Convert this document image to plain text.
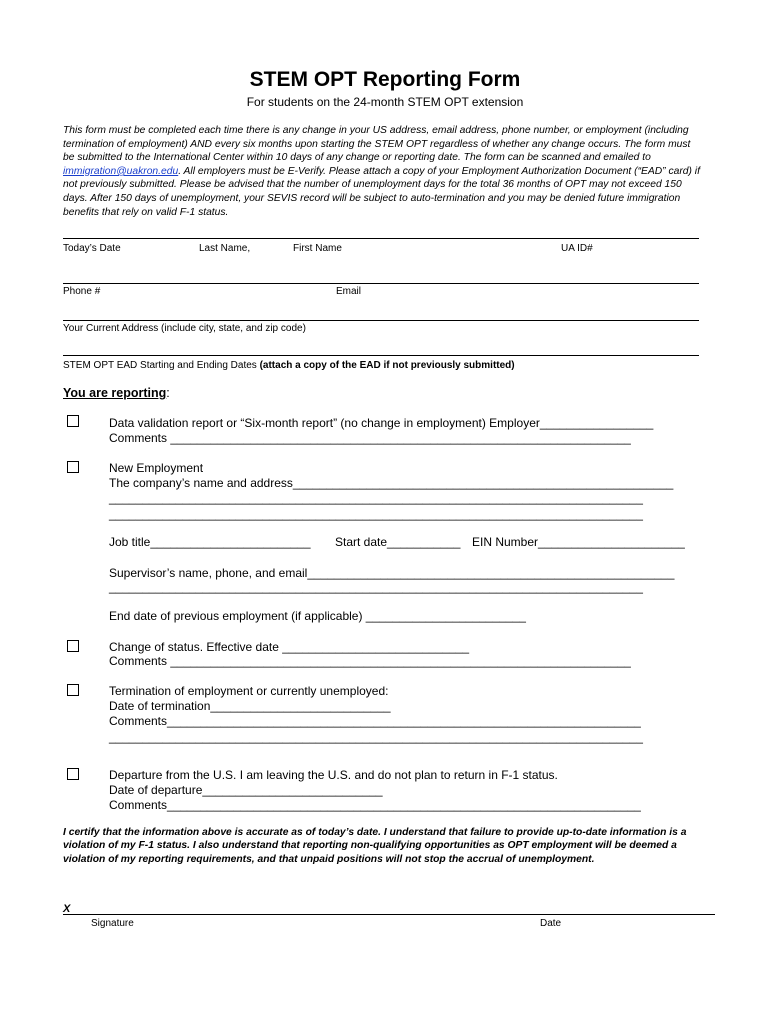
STEM OPT Reporting Form
For students on the 24-month STEM OPT extension
This form must be completed each time there is any change in your US address, email address, phone number, or employment (including termination of employment) AND every six months upon starting the STEM OPT regardless of whether any change occurs. The form must be submitted to the International Center within 10 days of any change or reporting date. The form can be scanned and emailed to immigration@uakron.edu. All employers must be E-Verify. Please attach a copy of your Employment Authorization Document (“EAD” card) if not previously submitted. Please be advised that the number of unemployment days for the total 36 months of OPT may not exceed 150 days. After 150 days of unemployment, your SEVIS record will be subject to auto-termination and you may be denied future immigration benefits that rely on valid F-1 status.
Today’s Date	Last Name,	First Name	UA ID#
Phone #	Email
Your Current Address (include city, state, and zip code)
STEM OPT EAD Starting and Ending Dates (attach a copy of the EAD if not previously submitted)
You are reporting:
Data validation report or “Six-month report” (no change in employment) Employer_________________
Comments _____________________________________________________________________
New Employment
The company’s name and address_________________________________________________________
________________________________________________________________________________
________________________________________________________________________________
Job title________________________ Start date___________ EIN Number______________________
Supervisor’s name, phone, and email_______________________________________________________
________________________________________________________________________________
End date of previous employment (if applicable) ________________________
Change of status. Effective date ____________________________
Comments _____________________________________________________________________
Termination of employment or currently unemployed:
Date of termination___________________________
Comments_______________________________________________________________________
________________________________________________________________________________
Departure from the U.S. I am leaving the U.S. and do not plan to return in F-1 status.
Date of departure___________________________
Comments_______________________________________________________________________
I certify that the information above is accurate as of today’s date. I understand that failure to provide up-to-date information is a violation of my F-1 status. I also understand that reporting non-qualifying opportunities as OPT employment will be deemed a violation of my reporting requirements, and that unpaid positions will not stop the accrual of unemployment.
X
Signature	Date
